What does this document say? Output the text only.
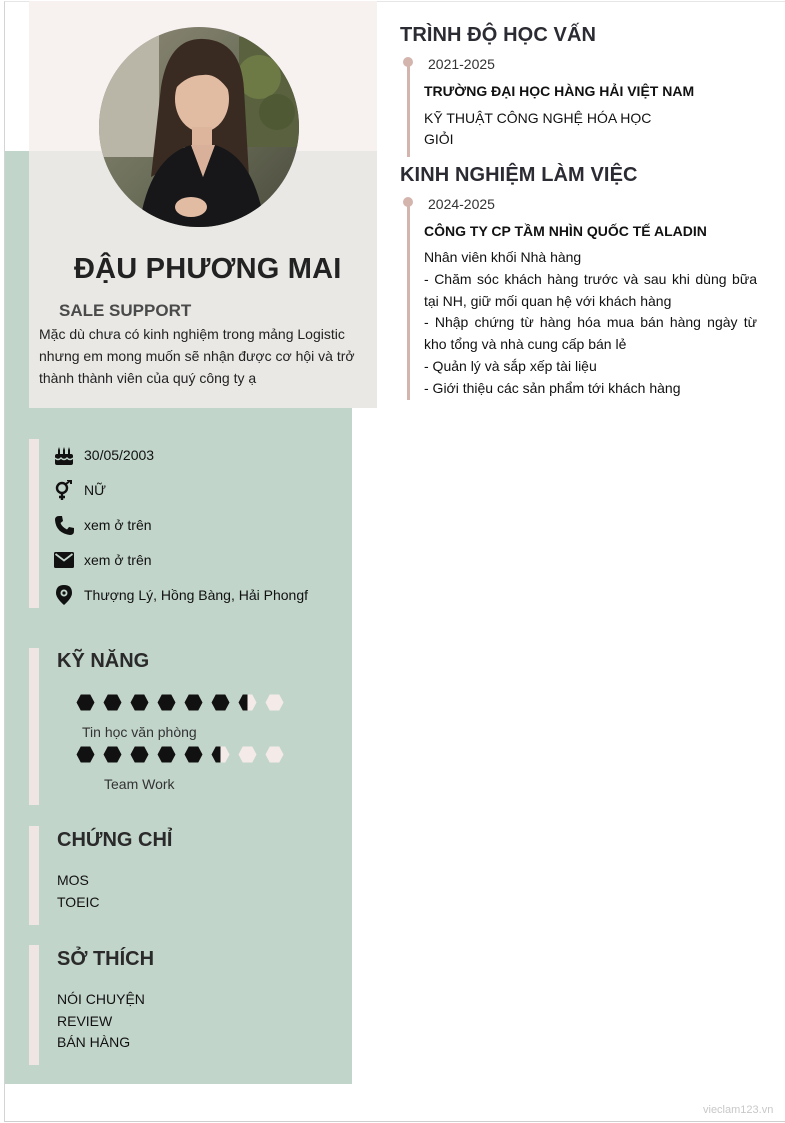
ĐẬU PHƯƠNG MAI
SALE SUPPORT
Mặc dù chưa có kinh nghiệm trong mảng Logistic nhưng em mong muốn sẽ nhận được cơ hội và trở thành thành viên của quý công ty ạ
30/05/2003
NỮ
xem ở trên
xem ở trên
Thượng Lý, Hồng Bàng, Hải Phongf
KỸ NĂNG
Tin học văn phòng
Team Work
CHỨNG CHỈ
MOS
TOEIC
SỞ THÍCH
NÓI CHUYỆN
REVIEW
BÁN HÀNG
TRÌNH ĐỘ HỌC VẤN
2021-2025
TRƯỜNG ĐẠI HỌC HÀNG HẢI VIỆT NAM
KỸ THUẬT CÔNG NGHỆ HÓA HỌC
GIỎI
KINH NGHIỆM LÀM VIỆC
2024-2025
CÔNG TY CP TẦM NHÌN QUỐC TẾ ALADIN
Nhân viên khối Nhà hàng
- Chăm sóc khách hàng trước và sau khi dùng bữa tại NH, giữ mối quan hệ với khách hàng
- Nhập chứng từ hàng hóa mua bán hàng ngày từ kho tổng và nhà cung cấp bán lẻ
- Quản lý và sắp xếp tài liệu
- Giới thiệu các sản phẩm tới khách hàng
vieclam123.vn
